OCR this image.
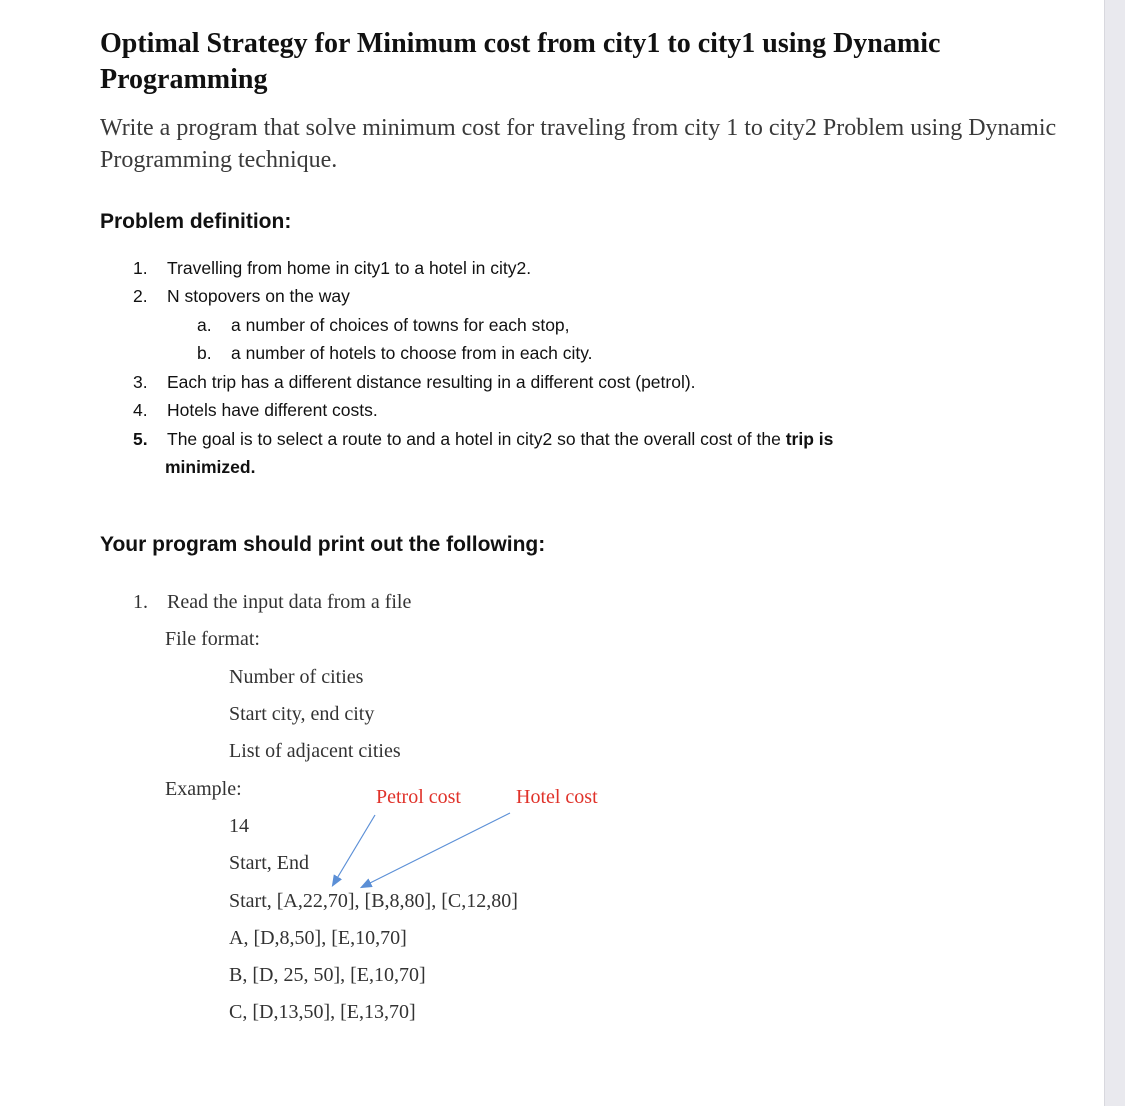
Optimal Strategy for Minimum cost from city1 to city1 using Dynamic Programming
Write a program that solve minimum cost for traveling from city 1 to city2 Problem using Dynamic Programming technique.
Problem definition:
1. Travelling from home in city1 to a hotel in city2.
2. N stopovers on the way
a. a number of choices of towns for each stop,
b. a number of hotels to choose from in each city.
3. Each trip has a different distance resulting in a different cost (petrol).
4. Hotels have different costs.
5. The goal is to select a route to and a hotel in city2 so that the overall cost of the trip is
minimized.
Your program should print out the following:
1. Read the input data from a file
File format:
Number of cities
Start city, end city
List of adjacent cities
Example:	Petrol cost	Hotel cost
14
Start, End
Start, [A,22,70], [B,8,80], [C,12,80]
A, [D,8,50], [E,10,70]
B, [D, 25, 50], [E,10,70]
C, [D,13,50], [E,13,70]
